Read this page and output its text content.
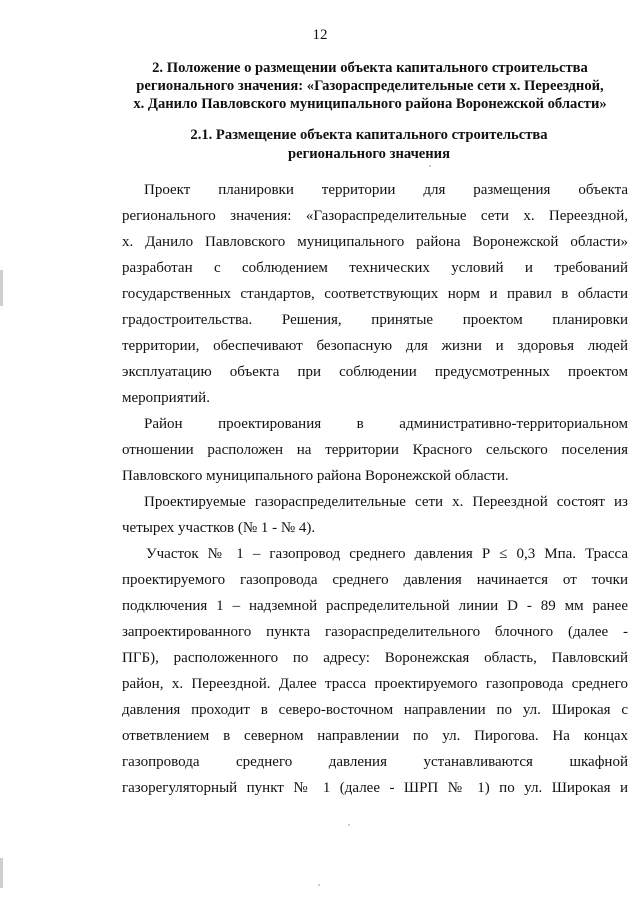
12
2. Положение о размещении объекта капитального строительства
регионального значения: «Газораспределительные сети х. Переездной,
х. Данило Павловского муниципального района Воронежской области»
2.1. Размещение объекта капитального строительства
регионального значения
Проект планировки территории для размещения объекта
регионального значения: «Газораспределительные сети х. Переездной,
х. Данило Павловского муниципального района Воронежской области»
разработан с соблюдением технических условий и требований
государственных стандартов, соответствующих норм и правил в области
градостроительства. Решения, принятые проектом планировки
территории, обеспечивают безопасную для жизни и здоровья людей
эксплуатацию объекта при соблюдении предусмотренных проектом
мероприятий.
Район проектирования в административно-территориальном
отношении расположен на территории Красного сельского поселения
Павловского муниципального района Воронежской области.
Проектируемые газораспределительные сети х. Переездной состоят из
четырех участков (№ 1 - № 4).
Участок № 1 – газопровод среднего давления Р ≤ 0,3 Мпа. Трасса
проектируемого газопровода среднего давления начинается от точки
подключения 1 – надземной распределительной линии D - 89 мм ранее
запроектированного пункта газораспределительного блочного (далее -
ПГБ), расположенного по адресу: Воронежская область, Павловский
район, х. Переездной. Далее трасса проектируемого газопровода среднего
давления проходит в северо-восточном направлении по ул. Широкая с
ответвлением в северном направлении по ул. Пирогова. На концах
газопровода среднего давления устанавливаются шкафной
газорегуляторный пункт № 1 (далее - ШРП № 1) по ул. Широкая и
